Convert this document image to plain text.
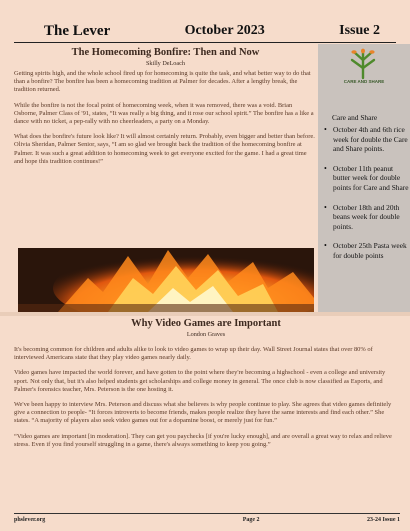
The Lever	October 2023	Issue 2
The Homecoming Bonfire: Then and Now
Skilly DeLoach

Getting spirits high, and the whole school fired up for homecoming is quite the task, and what better way to do that than a bonfire? The bonfire has been a homecoming tradition at Palmer for decades. After a lengthy break, the tradition returned.

While the bonfire is not the focal point of homecoming week, when it was removed, there was a void. Brian Osborne, Palmer Class of '91, states, “It was really a big thing, and it rose our school spirit.” The bonfire has a like a dance with no ticket, a pep-rally with no cheerleaders, a party on a Monday.

What does the bonfire's future look like? It will almost certainly return. Probably, even bigger and better than before. Olivia Sheridan, Palmer Senior, says, “I am so glad we brought back the tradition of the homecoming bonfire at Palmer. It was such a great addition to homecoming week to get everyone excited for the game. I had a great time and hope this tradition continues!”

CARE AND SHARE
Care and Share
• October 4th and 6th rice week for double the Care and Share points.
• October 11th peanut butter week for double points for Care and Share
• October 18th and 20th beans week for double points.
• October 25th Pasta week for double points
Why Video Games are Important
London Graves

It's becoming common for children and adults alike to look to video games to wrap up their day. Wall Street Journal states that over 80% of interviewed Americans state that they play video games nearly daily.

Video games have impacted the world forever, and have gotten to the point where they're becoming a highschool - even a college and university sport. Not only that, but it's also helped students get scholarships and college money in general. The once club is now classified as Esports, and Palmer's forensics teacher, Mrs. Peterson is the one hosting it.

We've been happy to interview Mrs. Peterson and discuss what she believes is why people continue to play. She agrees that video games definitely give a connection to people- “It forces introverts to become friends, makes people realize they have the same interests and find each other.” She states. “A majority of players also seek video games out for a dopamine boost, or merely just for fun.”

“Video games are important [in moderation]. They can get you paychecks [if you're lucky enough], and are overall a great way to relax and relieve stress. Even if you find yourself struggling in a game, there's always something to keep you going.”

phslever.org	Page 2	23-24 Issue 1
